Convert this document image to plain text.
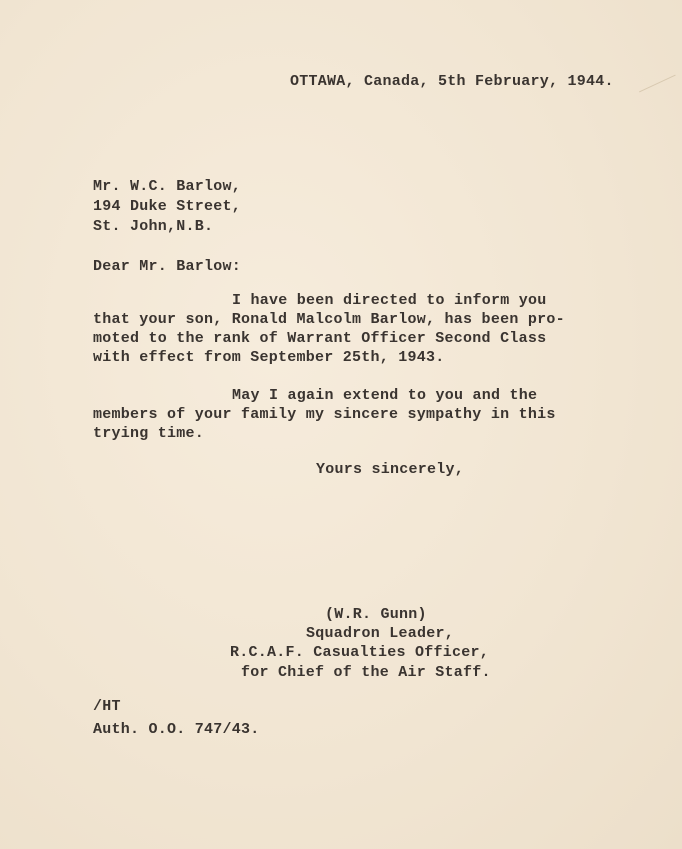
OTTAWA, Canada, 5th February, 1944.
Mr. W.C. Barlow,
194 Duke Street,
St. John,N.B.
Dear Mr. Barlow:
I have been directed to inform you
that your son, Ronald Malcolm Barlow, has been pro-
moted to the rank of Warrant Officer Second Class
with effect from September 25th, 1943.
May I again extend to you and the
members of your family my sincere sympathy in this
trying time.
Yours sincerely,
(W.R. Gunn)
Squadron Leader,
R.C.A.F. Casualties Officer,
for Chief of the Air Staff.
/HT
Auth. O.O. 747/43.
